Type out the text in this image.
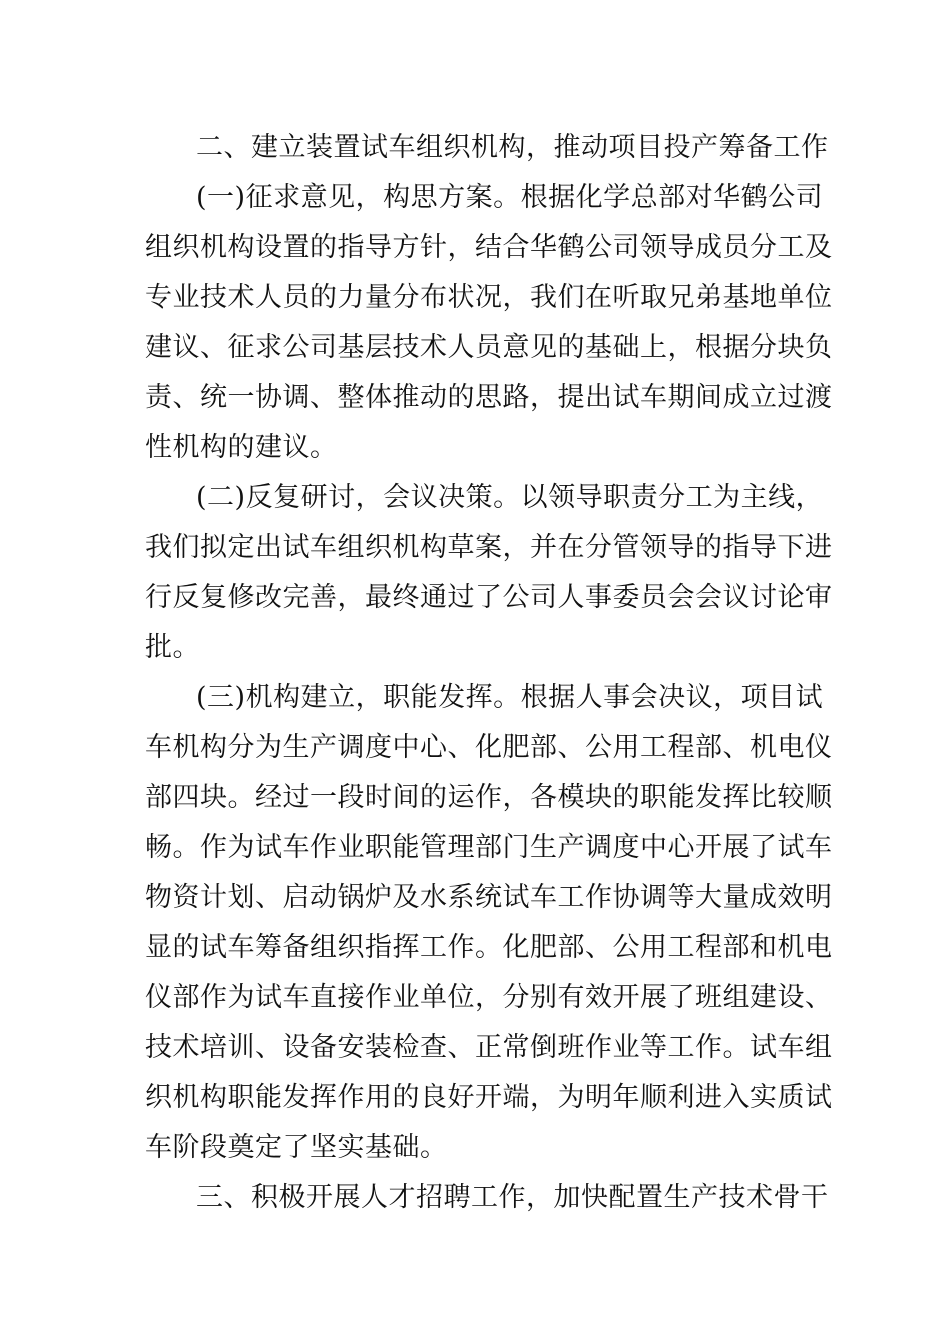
二、建立装置试车组织机构，推动项目投产筹备工作

(一)征求意见，构思方案。根据化学总部对华鹤公司

组织机构设置的指导方针，结合华鹤公司领导成员分工及

专业技术人员的力量分布状况，我们在听取兄弟基地单位

建议、征求公司基层技术人员意见的基础上，根据分块负

责、统一协调、整体推动的思路，提出试车期间成立过渡

性机构的建议。

(二)反复研讨，会议决策。以领导职责分工为主线，

我们拟定出试车组织机构草案，并在分管领导的指导下进

行反复修改完善，最终通过了公司人事委员会会议讨论审

批。

(三)机构建立，职能发挥。根据人事会决议，项目试

车机构分为生产调度中心、化肥部、公用工程部、机电仪

部四块。经过一段时间的运作，各模块的职能发挥比较顺

畅。作为试车作业职能管理部门生产调度中心开展了试车

物资计划、启动锅炉及水系统试车工作协调等大量成效明

显的试车筹备组织指挥工作。化肥部、公用工程部和机电

仪部作为试车直接作业单位，分别有效开展了班组建设、

技术培训、设备安装检查、正常倒班作业等工作。试车组

织机构职能发挥作用的良好开端，为明年顺利进入实质试

车阶段奠定了坚实基础。

三、积极开展人才招聘工作，加快配置生产技术骨干
